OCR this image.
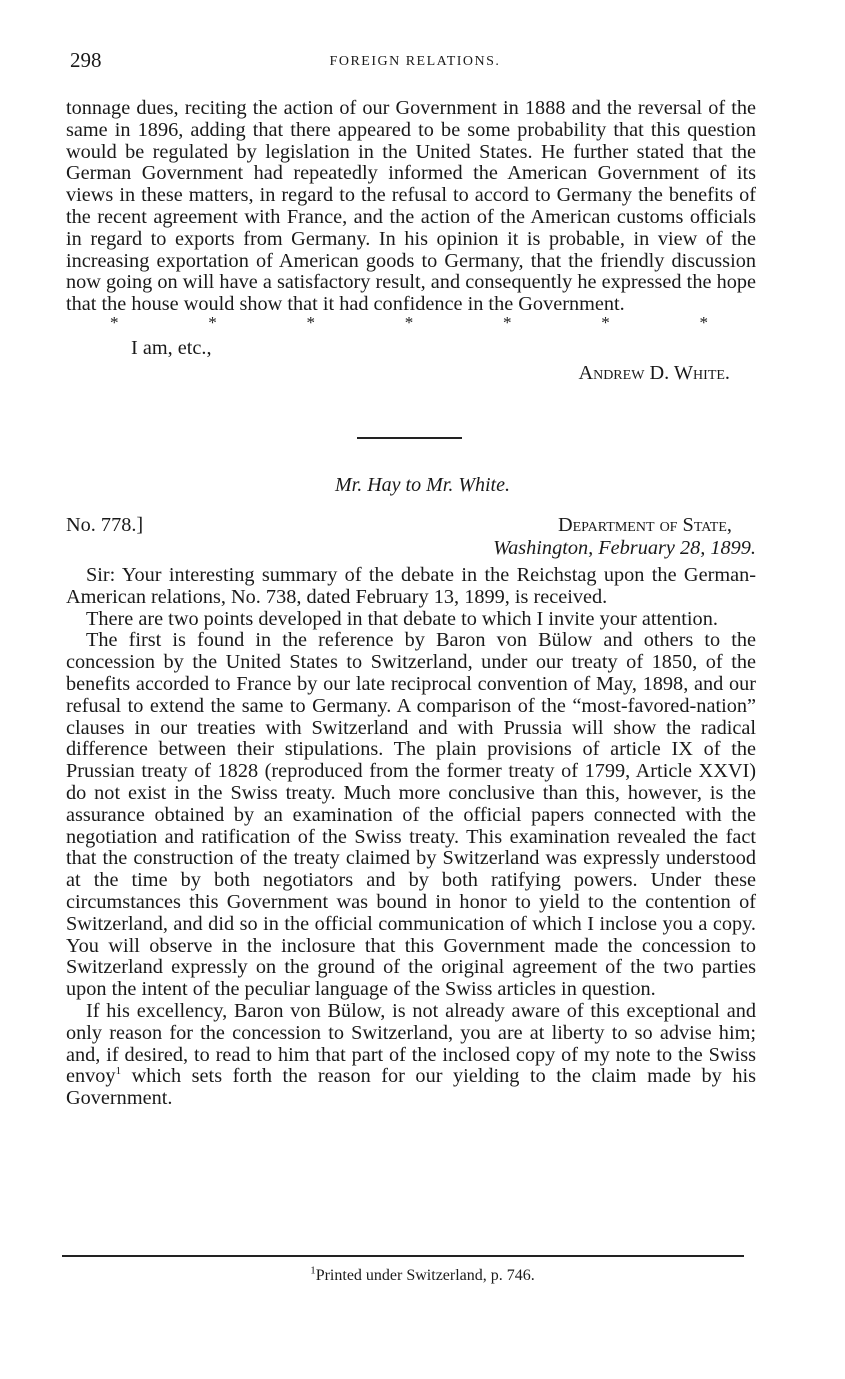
298	FOREIGN RELATIONS.

tonnage dues, reciting the action of our Government in 1888 and the reversal of the same in 1896, adding that there appeared to be some probability that this question would be regulated by legislation in the United States. He further stated that the German Government had repeatedly informed the American Government of its views in these matters, in regard to the refusal to accord to Germany the benefits of the recent agreement with France, and the action of the American customs officials in regard to exports from Germany. In his opinion it is probable, in view of the increasing exportation of American goods to Germany, that the friendly discussion now going on will have a satisfactory result, and consequently he expressed the hope that the house would show that it had confidence in the Government.

*	*	*	*	*	*	*
I am, etc.,
Andrew D. White.
Mr. Hay to Mr. White.
No. 778.]	Department of State,
Washington, February 28, 1899.

Sir: Your interesting summary of the debate in the Reichstag upon the German-American relations, No. 738, dated February 13, 1899, is received.

There are two points developed in that debate to which I invite your attention.

The first is found in the reference by Baron von Bülow and others to the concession by the United States to Switzerland, under our treaty of 1850, of the benefits accorded to France by our late reciprocal convention of May, 1898, and our refusal to extend the same to Germany. A comparison of the “most-favored-nation” clauses in our treaties with Switzerland and with Prussia will show the radical difference between their stipulations. The plain provisions of article IX of the Prussian treaty of 1828 (reproduced from the former treaty of 1799, Article XXVI) do not exist in the Swiss treaty. Much more conclusive than this, however, is the assurance obtained by an examination of the official papers connected with the negotiation and ratification of the Swiss treaty. This examination revealed the fact that the construction of the treaty claimed by Switzerland was expressly understood at the time by both negotiators and by both ratifying powers. Under these circumstances this Government was bound in honor to yield to the contention of Switzerland, and did so in the official communication of which I inclose you a copy. You will observe in the inclosure that this Government made the concession to Switzerland expressly on the ground of the original agreement of the two parties upon the intent of the peculiar language of the Swiss articles in question.

If his excellency, Baron von Bülow, is not already aware of this exceptional and only reason for the concession to Switzerland, you are at liberty to so advise him; and, if desired, to read to him that part of the inclosed copy of my note to the Swiss envoy$^1$ which sets forth the reason for our yielding to the claim made by his Government.

$^1$Printed under Switzerland, p. 746.
